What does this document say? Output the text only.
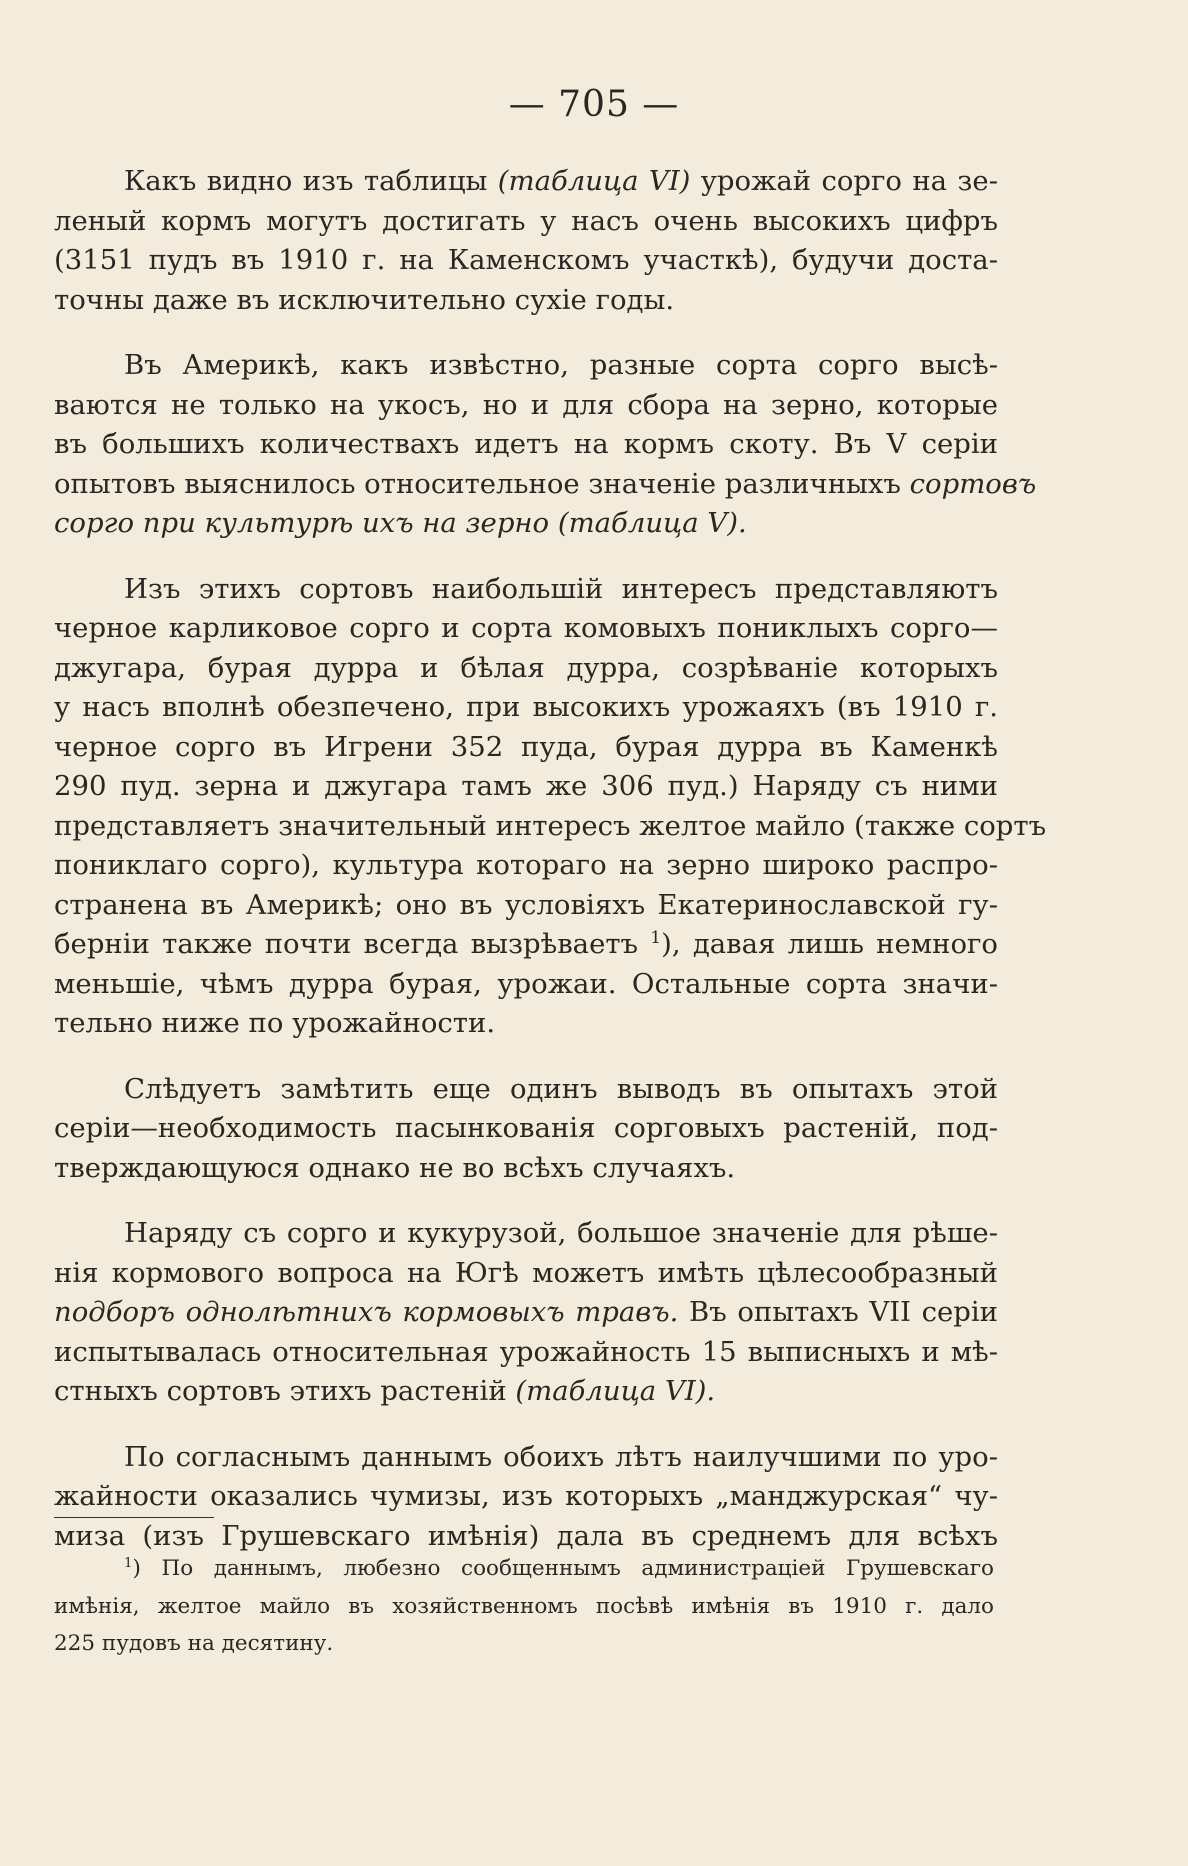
— 705 —
Какъ видно изъ таблицы (таблица VI) урожай сорго на зе-
леный кормъ могутъ достигать у насъ очень высокихъ цифръ
(3151 пудъ въ 1910 г. на Каменскомъ участкѣ), будучи доста-
точны даже въ исключительно сухіе годы.
Въ Америкѣ, какъ извѣстно, разные сорта сорго высѣ-
ваются не только на укосъ, но и для сбора на зерно, которые
въ большихъ количествахъ идетъ на кормъ скоту. Въ V серіи
опытовъ выяснилось относительное значеніе различныхъ сортовъ
сорго при культурѣ ихъ на зерно (таблица V).
Изъ этихъ сортовъ наибольшій интересъ представляютъ
черное карликовое сорго и сорта комовыхъ пониклыхъ сорго—
джугара, бурая дурра и бѣлая дурра, созрѣваніе которыхъ
у насъ вполнѣ обезпечено, при высокихъ урожаяхъ (въ 1910 г.
черное сорго въ Игрени 352 пуда, бурая дурра въ Каменкѣ
290 пуд. зерна и джугара тамъ же 306 пуд.) Наряду съ ними
представляетъ значительный интересъ желтое майло (также сортъ
пониклаго сорго), культура котораго на зерно широко распро-
странена въ Америкѣ; оно въ условіяхъ Екатеринославской гу-
берніи также почти всегда вызрѣваетъ $^1$), давая лишь немного
меньшіе, чѣмъ дурра бурая, урожаи. Остальные сорта значи-
тельно ниже по урожайности.
Слѣдуетъ замѣтить еще одинъ выводъ въ опытахъ этой
серіи—необходимость пасынкованія сорговыхъ растеній, под-
тверждающуюся однако не во всѣхъ случаяхъ.
Наряду съ сорго и кукурузой, большое значеніе для рѣше-
нія кормового вопроса на Югѣ можетъ имѣть цѣлесообразный
подборъ однолѣтнихъ кормовыхъ травъ. Въ опытахъ VII серіи
испытывалась относительная урожайность 15 выписныхъ и мѣ-
стныхъ сортовъ этихъ растеній (таблица VI).
По согласнымъ даннымъ обоихъ лѣтъ наилучшими по уро-
жайности оказались чумизы, изъ которыхъ „манджурская“ чу-
миза (изъ Грушевскаго имѣнія) дала въ среднемъ для всѣхъ
$^1$) По даннымъ, любезно сообщеннымъ администраціей Грушевскаго
имѣнія, желтое майло въ хозяйственномъ посѣвѣ имѣнія въ 1910 г. дало
225 пудовъ на десятину.
